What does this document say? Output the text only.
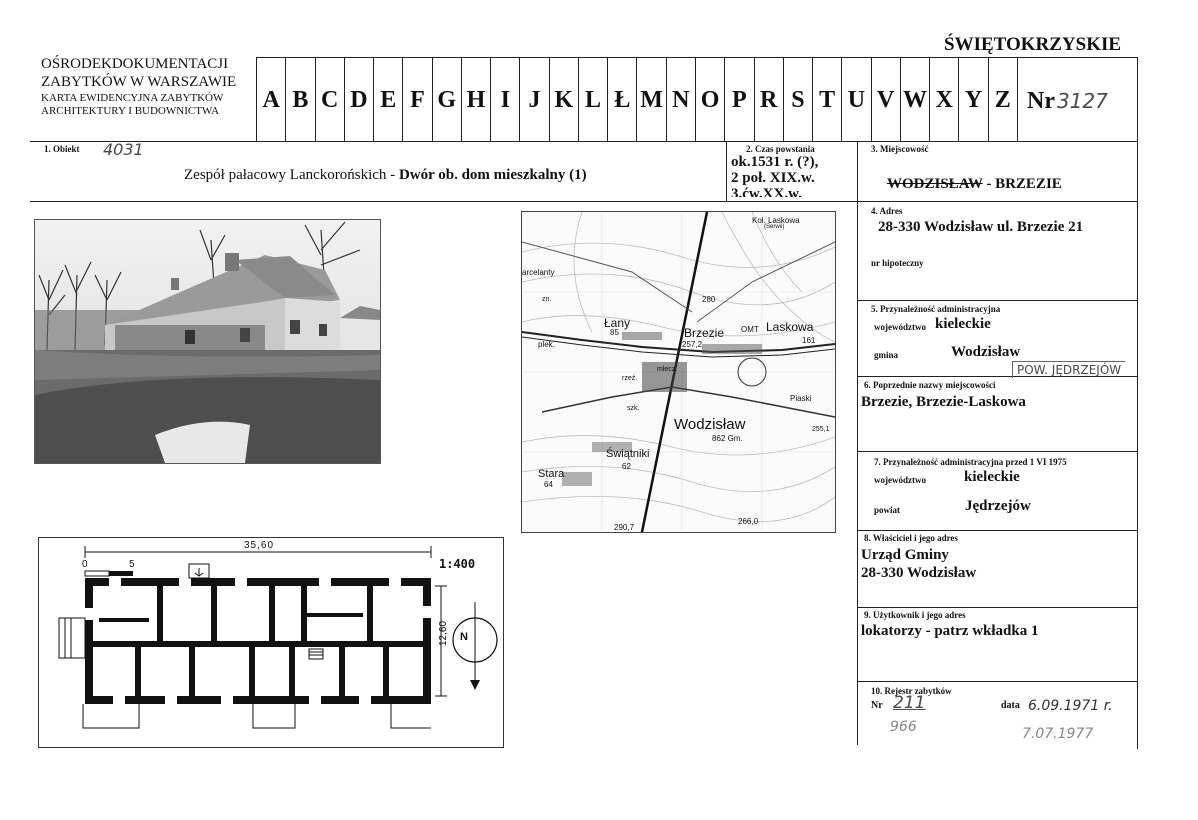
ŚWIĘTOKRZYSKIE
OŚRODEKDOKUMENTACJI
ZABYTKÓW W WARSZAWIE
KARTA EWIDENCYJNA ZABYTKÓW
ARCHITEKTURY I BUDOWNICTWA	A B C D E F G H I J K L Ł M N O P R S T U V W X Y Z Nr 3127
1. Obiekt 4031
Zespół pałacowy Lanckorońskich - Dwór ob. dom mieszkalny (1)
2. Czas powstania
ok.1531 r. (?),
2 poł. XIX.w.
3.ćw.XX.w.
3. Miejscowość
WODZISŁAW - BRZEZIE
4. Adres
28-330 Wodzisław ul. Brzezie 21
nr hipoteczny
5. Przynależność administracyjna
województwo kieleckie
gmina	Wodzisław
POW. JĘDRZEJÓW
6. Poprzednie nazwy miejscowości
Brzezie, Brzezie-Laskowa
7. Przynależność administracyjna przed 1 VI 1975
województwo	kieleckie
powiat	Jędrzejów
8. Właściciel i jego adres
Urząd Gminy
28-330 Wodzisław
9. Użytkownik i jego adres
lokatorzy - patrz wkładka 1
10. Rejestr zabytków
Nr 211	data 6.09.1971 r.
966	7.07.1977
Kol. Laskowa
(Serwii)
arcelanty
zn.
Łany
85	Brzezie OMT Laskowa
280
257,2	161
plek.
mlecz.
rzeź.
Piaski
szk.
Wodzisław
862 Gm.
255,1
Świątniki
62
Stara
64
266,0
290,7
35,60
0	5	1:400
12,60 N
